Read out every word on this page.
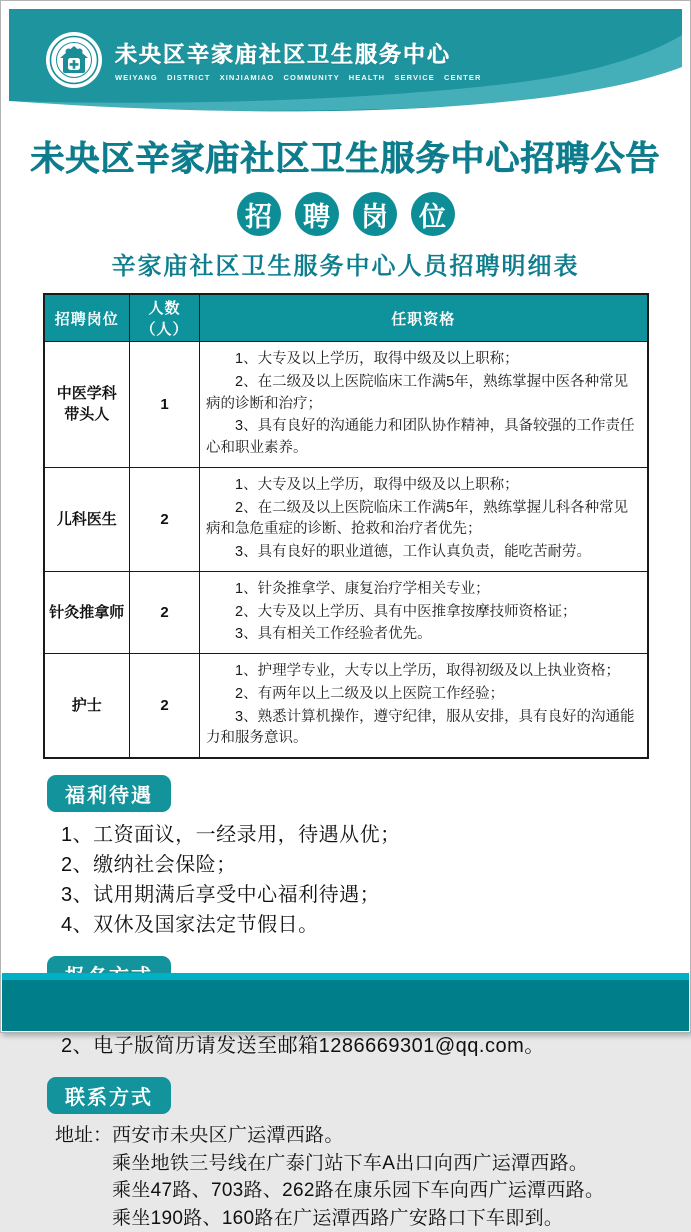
未央区辛家庙社区卫生服务中心
WEIYANG DISTRICT XINJIAMIAO COMMUNITY HEALTH SERVICE CENTER
未央区辛家庙社区卫生服务中心招聘公告
招	聘	岗	位
辛家庙社区卫生服务中心人员招聘明细表
招聘岗位	人数（人）	任职资格
中医学科
带头人	1	

1、大专及以上学历，取得中级及以上职称；

2、在二级及以上医院临床工作满5年，熟练掌握中医各种常见病的诊断和治疗；

3、具有良好的沟通能力和团队协作精神，具备较强的工作责任心和职业素养。

儿科医生	2	1、大专及以上学历，取得中级及以上职称；

2、在二级及以上医院临床工作满5年，熟练掌握儿科各种常见病和急危重症的诊断、抢救和治疗者优先；

3、具有良好的职业道德，工作认真负责，能吃苦耐劳。

针灸推拿师	2	1、针灸推拿学、康复治疗学相关专业；

2、大专及以上学历、具有中医推拿按摩技师资格证；

3、具有相关工作经验者优先。

护士	2	1、护理学专业，大专以上学历，取得初级及以上执业资格；

2、有两年以上二级及以上医院工作经验；

3、熟悉计算机操作，遵守纪律，服从安排，具有良好的沟通能力和服务意识。

福利待遇
1、工资面议，一经录用，待遇从优；
2、缴纳社会保险；
3、试用期满后享受中心福利待遇；
4、双休及国家法定节假日。
2、电子版简历请发送至邮箱1286669301@qq.com。
联系方式
地址： 西安市未央区广运潭西路。
乘坐地铁三号线在广泰门站下车A出口向西广运潭西路。
乘坐47路、703路、262路在康乐园下车向西广运潭西路。
乘坐190路、160路在广运潭西路广安路口下车即到。
